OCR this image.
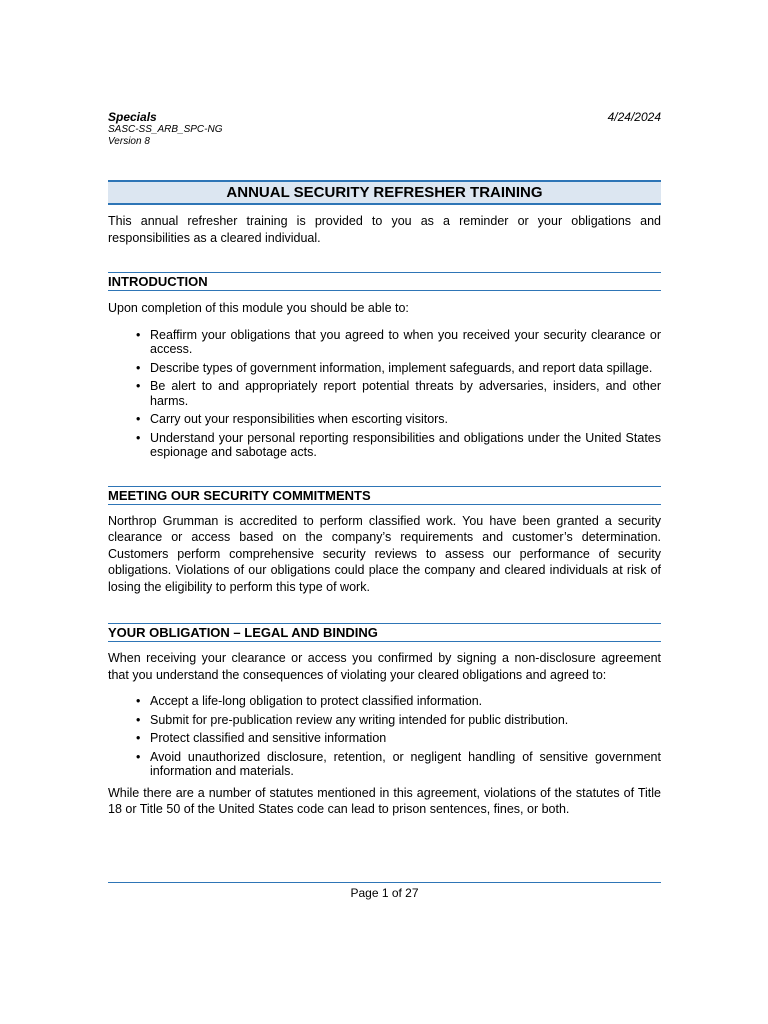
Specials
SASC-SS_ARB_SPC-NG
Version 8
4/24/2024
ANNUAL SECURITY REFRESHER TRAINING

This annual refresher training is provided to you as a reminder or your obligations and responsibilities as a cleared individual.

INTRODUCTION

Upon completion of this module you should be able to:

• Reaffirm your obligations that you agreed to when you received your security clearance or access.
• Describe types of government information, implement safeguards, and report data spillage.
• Be alert to and appropriately report potential threats by adversaries, insiders, and other harms.
• Carry out your responsibilities when escorting visitors.
• Understand your personal reporting responsibilities and obligations under the United States espionage and sabotage acts.
MEETING OUR SECURITY COMMITMENTS

Northrop Grumman is accredited to perform classified work. You have been granted a security clearance or access based on the company’s requirements and customer’s determination. Customers perform comprehensive security reviews to assess our performance of security obligations. Violations of our obligations could place the company and cleared individuals at risk of losing the eligibility to perform this type of work.

YOUR OBLIGATION – LEGAL AND BINDING

When receiving your clearance or access you confirmed by signing a non-disclosure agreement that you understand the consequences of violating your cleared obligations and agreed to:

• Accept a life-long obligation to protect classified information.
• Submit for pre-publication review any writing intended for public distribution.
• Protect classified and sensitive information
• Avoid unauthorized disclosure, retention, or negligent handling of sensitive government information and materials.

While there are a number of statutes mentioned in this agreement, violations of the statutes of Title 18 or Title 50 of the United States code can lead to prison sentences, fines, or both.

Page 1 of 27
